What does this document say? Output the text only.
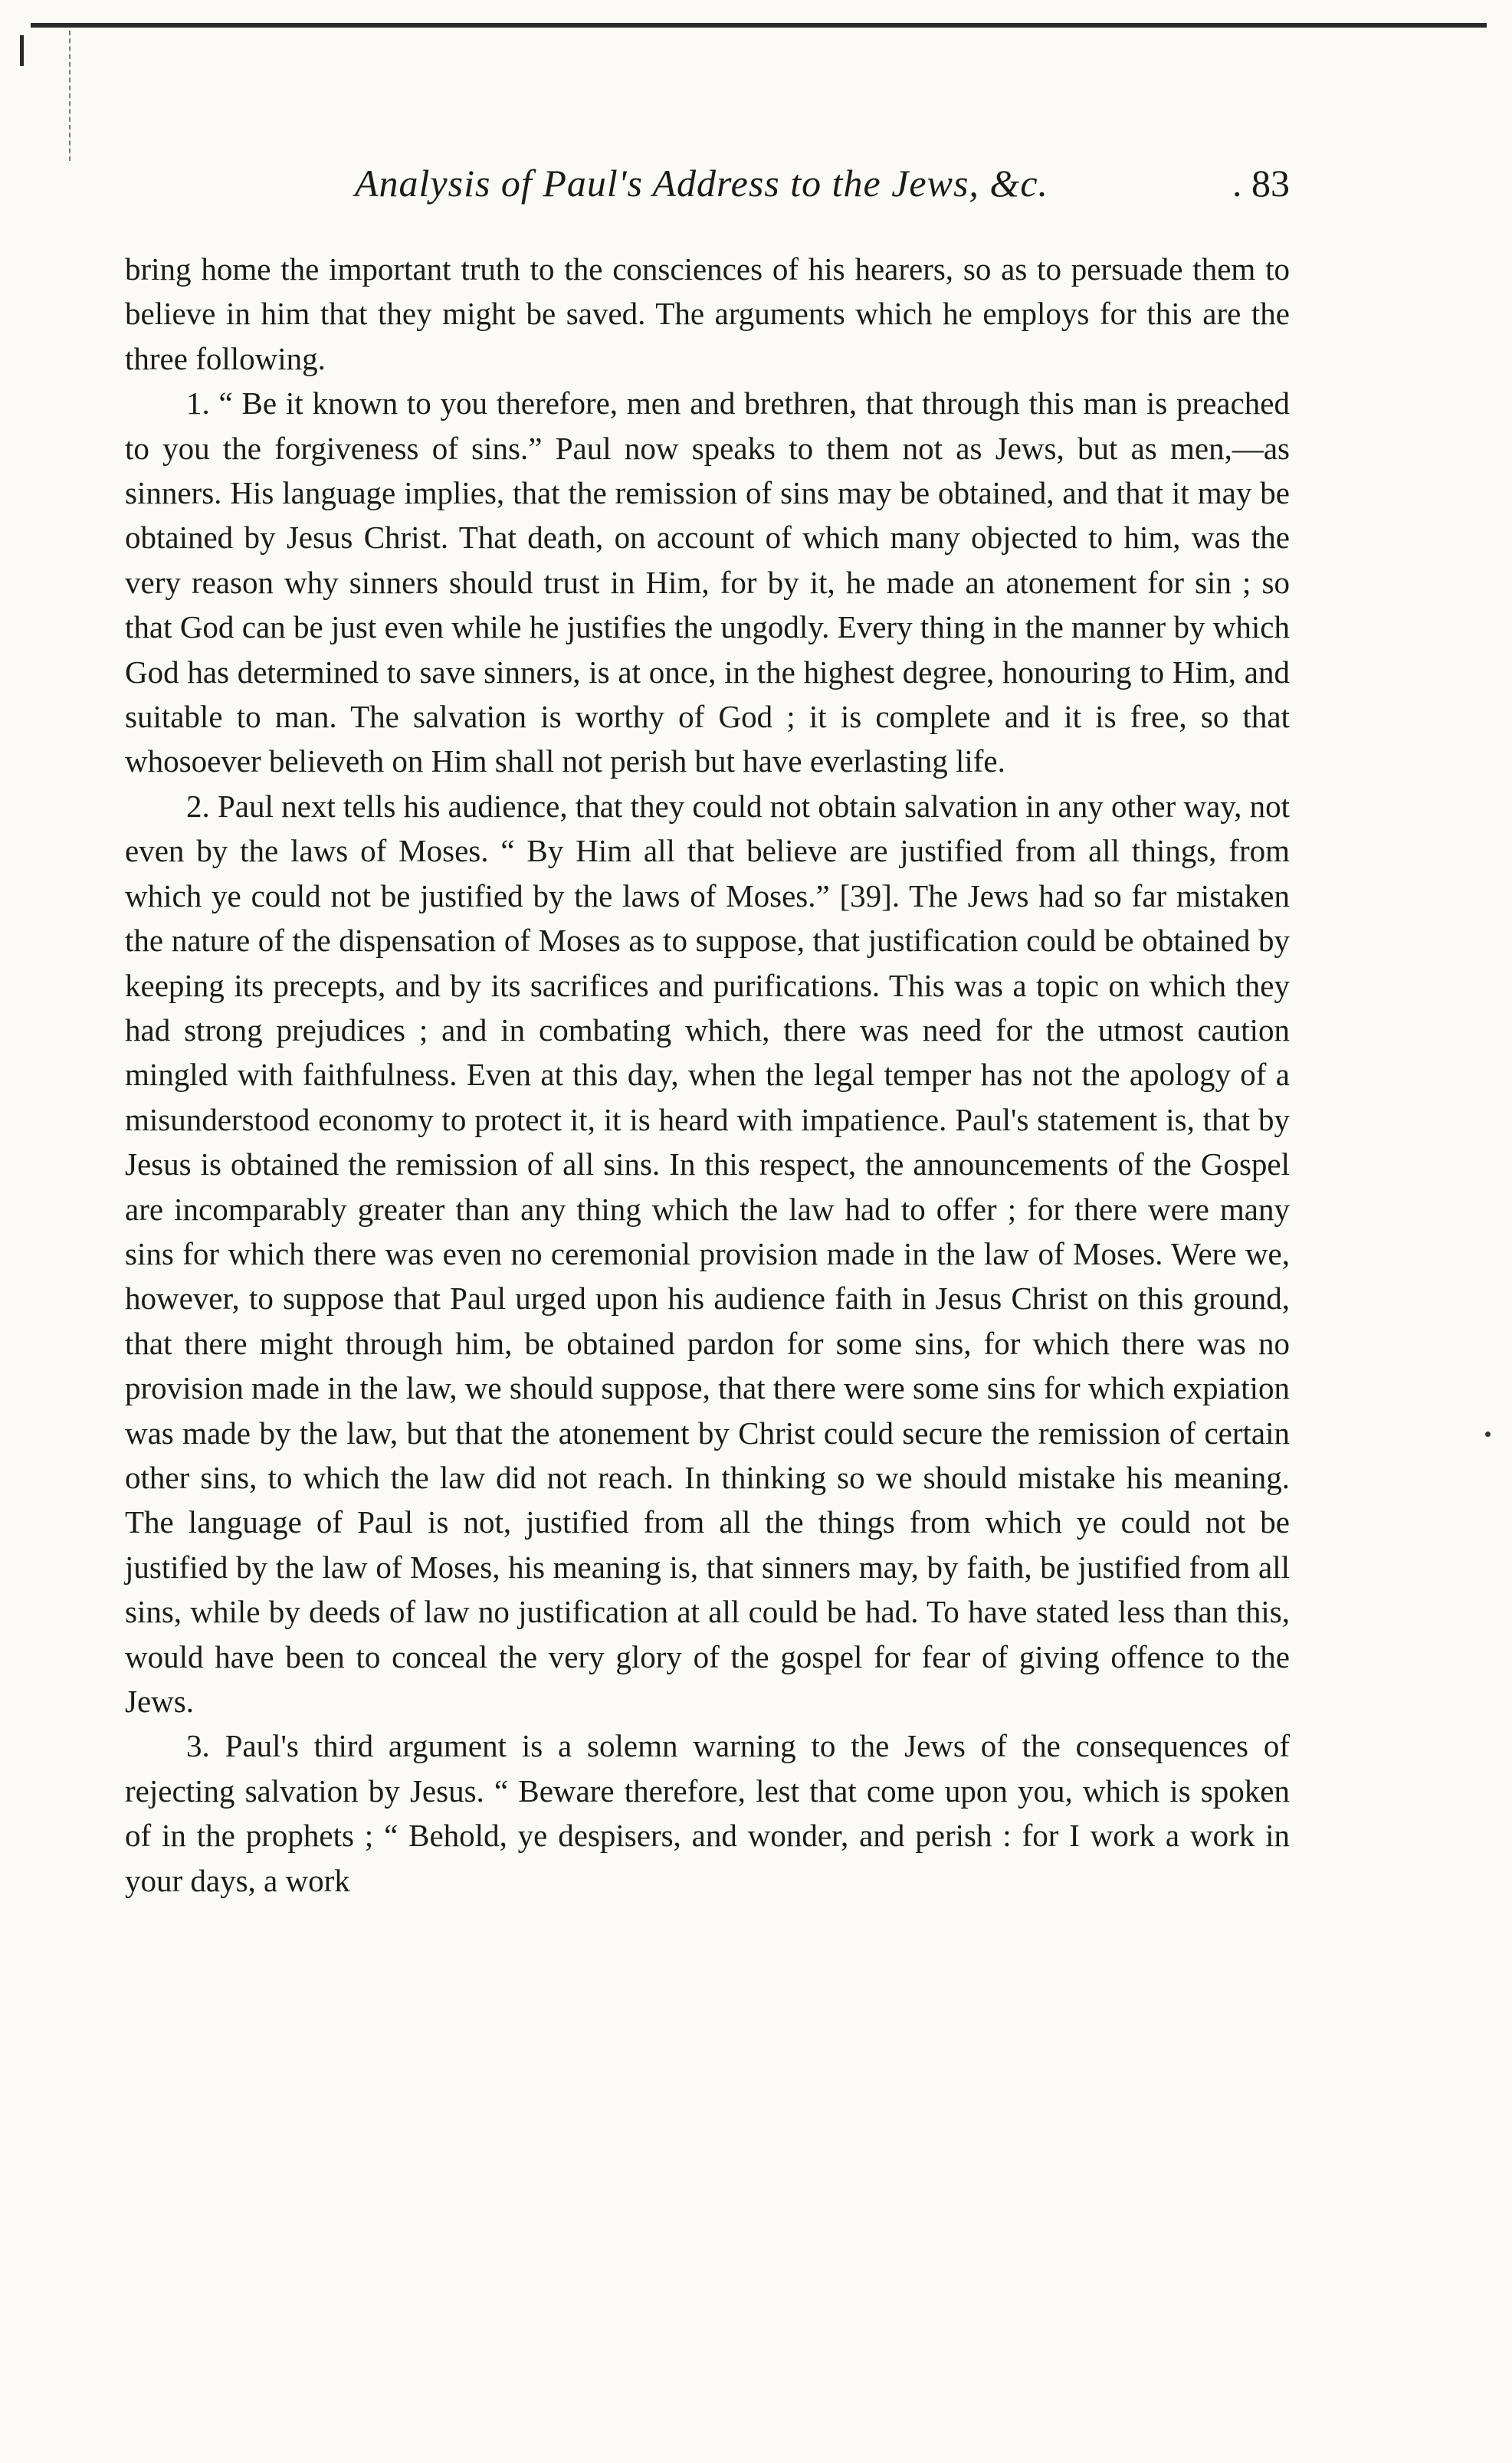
Analysis of Paul's Address to the Jews, &c.	. 83

bring home the important truth to the consciences of his hearers, so as to persuade them to believe in him that they might be saved. The arguments which he employs for this are the three following.

1. “ Be it known to you therefore, men and brethren, that through this man is preached to you the forgiveness of sins.” Paul now speaks to them not as Jews, but as men,—as sinners. His language implies, that the remission of sins may be obtained, and that it may be obtained by Jesus Christ. That death, on account of which many objected to him, was the very reason why sinners should trust in Him, for by it, he made an atonement for sin ; so that God can be just even while he justifies the ungodly. Every thing in the manner by which God has determined to save sinners, is at once, in the highest degree, honouring to Him, and suitable to man. The salvation is worthy of God ; it is complete and it is free, so that whosoever believeth on Him shall not perish but have everlasting life.

2. Paul next tells his audience, that they could not obtain salvation in any other way, not even by the laws of Moses. “ By Him all that believe are justified from all things, from which ye could not be justified by the laws of Moses.” [39]. The Jews had so far mistaken the nature of the dispensation of Moses as to suppose, that justification could be obtained by keeping its precepts, and by its sacrifices and purifications. This was a topic on which they had strong prejudices ; and in combating which, there was need for the utmost caution mingled with faithfulness. Even at this day, when the legal temper has not the apology of a misunderstood economy to protect it, it is heard with impatience. Paul's statement is, that by Jesus is obtained the remission of all sins. In this respect, the announcements of the Gospel are incomparably greater than any thing which the law had to offer ; for there were many sins for which there was even no ceremonial provision made in the law of Moses. Were we, however, to suppose that Paul urged upon his audience faith in Jesus Christ on this ground, that there might through him, be obtained pardon for some sins, for which there was no provision made in the law, we should suppose, that there were some sins for which expiation was made by the law, but that the atonement by Christ could secure the remission of certain other sins, to which the law did not reach. In thinking so we should mistake his meaning. The language of Paul is not, justified from all the things from which ye could not be justified by the law of Moses, his meaning is, that sinners may, by faith, be justified from all sins, while by deeds of law no justification at all could be had. To have stated less than this, would have been to conceal the very glory of the gospel for fear of giving offence to the Jews.

3. Paul's third argument is a solemn warning to the Jews of the consequences of rejecting salvation by Jesus. “ Beware therefore, lest that come upon you, which is spoken of in the prophets ; “ Behold, ye despisers, and wonder, and perish : for I work a work in your days, a work
